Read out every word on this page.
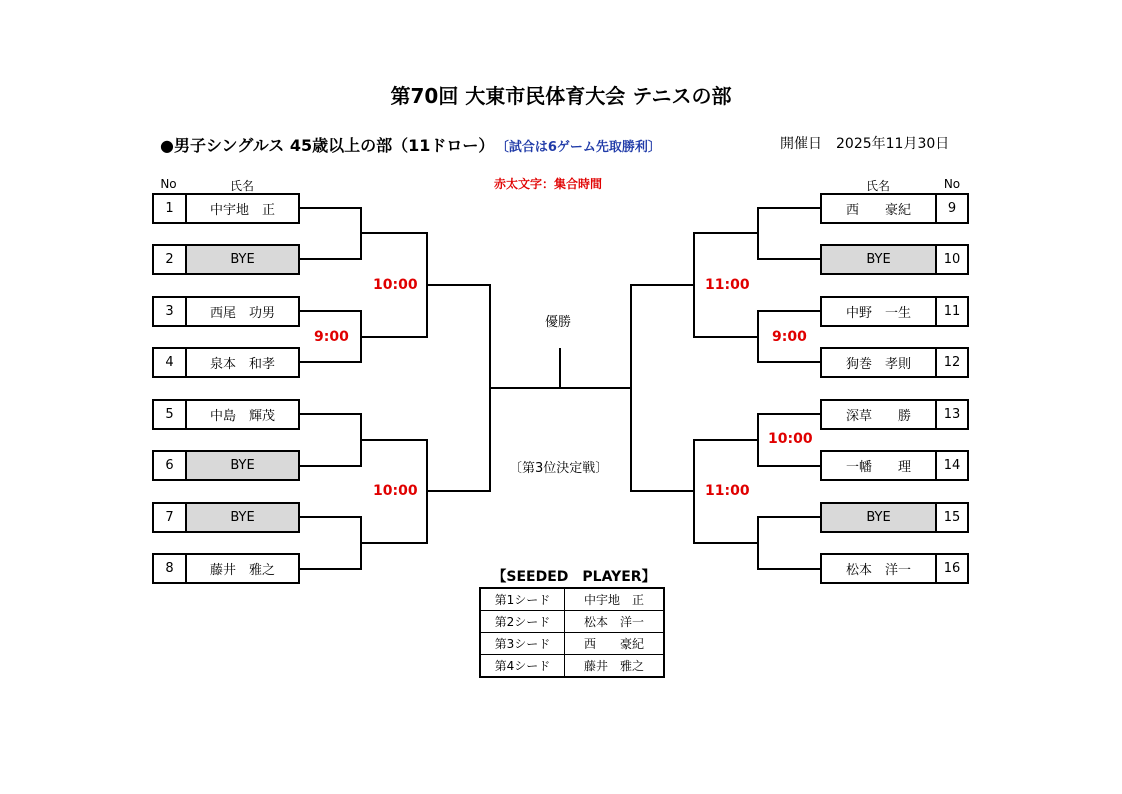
第70回 大東市民体育大会 テニスの部
●男子シングルス 45歳以上の部（11ドロー） 〔試合は6ゲーム先取勝利〕	開催日　2025年11月30日
赤太文字：集合時間
No	氏名	氏名	No
1	中宇地　正
2	BYE
3	西尾　功男
4	泉本　和孝
5	中島　輝茂
6	BYE
7	BYE
8	藤井　雅之
西　　豪紀	9
BYE	10
中野　一生	11
狗巻　孝則	12
深草　　勝	13
一幡　　理	14
BYE	15
松本　洋一	16
10:00
9:00
10:00
11:00
9:00
10:00
11:00
優勝
〔第3位決定戦〕
【SEEDED　PLAYER】
第1シード	中宇地　正
第2シード	松本　洋一
第3シード	西　　豪紀
第4シード	藤井　雅之
